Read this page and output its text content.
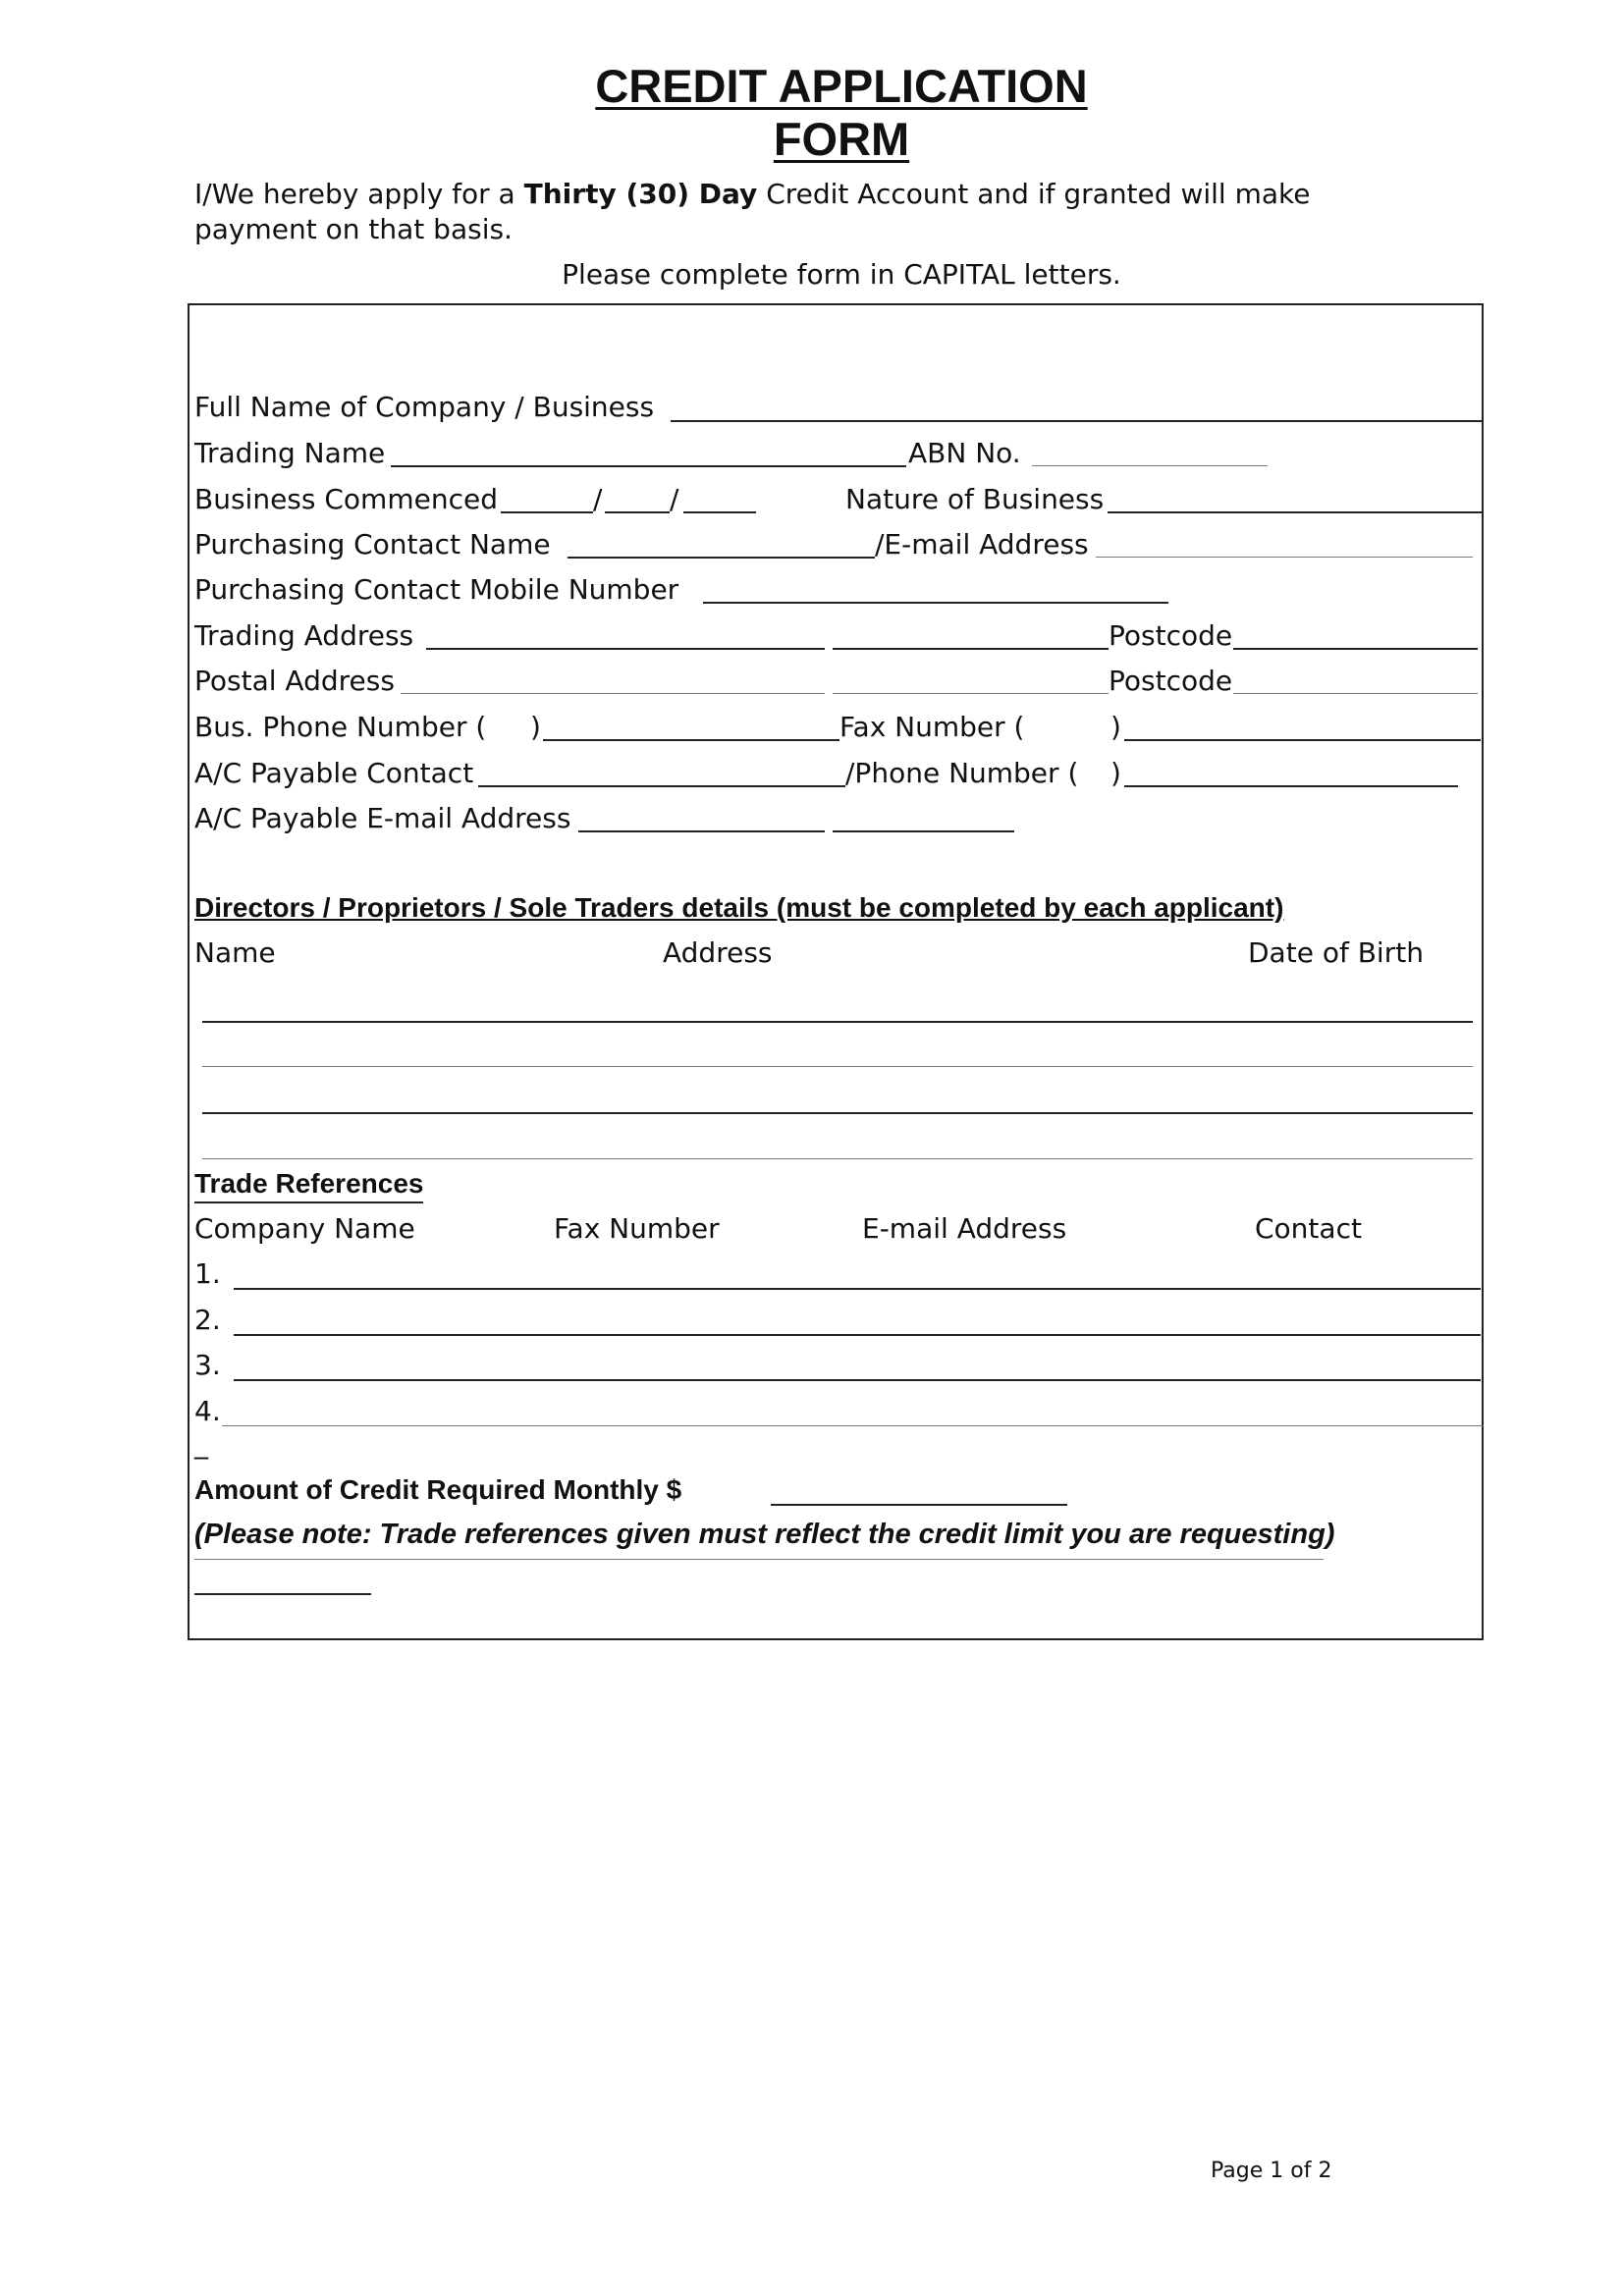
CREDIT APPLICATION
FORM
I/We hereby apply for a Thirty (30) Day Credit Account and if granted will make
payment on that basis.
Please complete form in CAPITAL letters.
Full Name of Company / Business
Trading Name	ABN No.
Business Commenced	/ /	Nature of Business
Purchasing Contact Name	/E-mail Address
Purchasing Contact Mobile Number
Trading Address	Postcode
Postal Address	Postcode
Bus. Phone Number ( )	Fax Number (	)
A/C Payable Contact	/Phone Number ( )
A/C Payable E-mail Address
Directors / Proprietors / Sole Traders details (must be completed by each applicant)
Name	Address	Date of Birth
Trade References
Company Name	Fax Number	E-mail Address	Contact
1.
2.
3.
4.
_
Amount of Credit Required Monthly $
(Please note: Trade references given must reflect the credit limit you are requesting)
Page 1 of 2
